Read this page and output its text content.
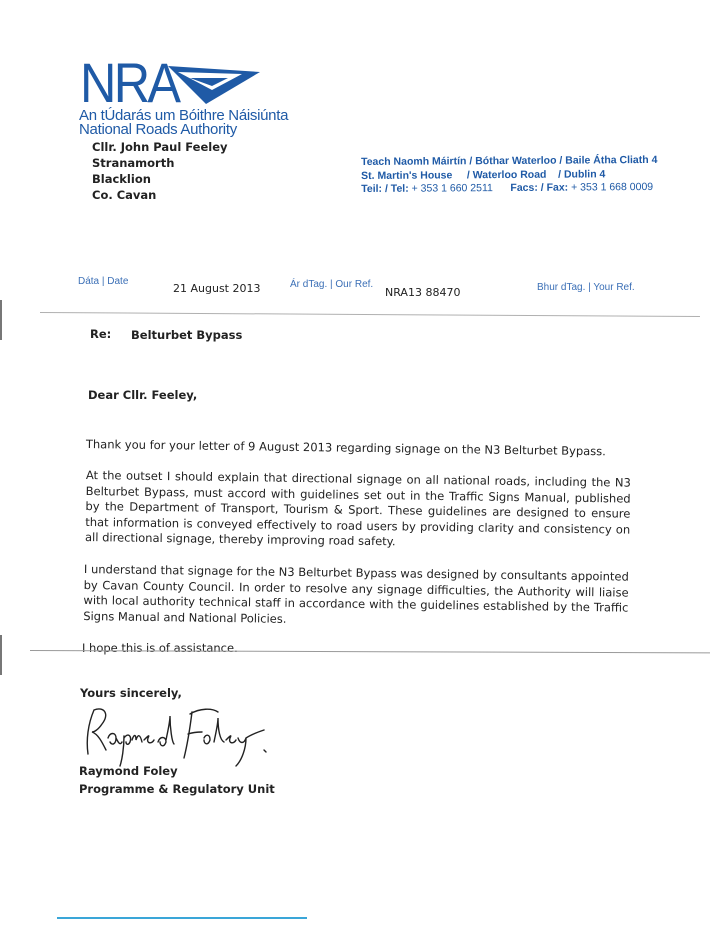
NRA
An tÚdarás um Bóithre Náisiúnta
National Roads Authority
Cllr. John Paul Feeley
Stranamorth
Blacklion
Co. Cavan
Teach Naomh Máirtín / Bóthar Waterloo / Baile Átha Cliath 4
St. Martin's House     / Waterloo Road    / Dublin 4
Teil: / Tel: + 353 1 660 2511 Facs: / Fax: + 353 1 668 0009
Dáta | Date
21 August 2013	Ár dTag. | Our Ref.
NRA13 88470	Bhur dTag. | Your Ref.
Re: Belturbet Bypass
Dear Cllr. Feeley,

Thank you for your letter of 9 August 2013 regarding signage on the N3 Belturbet Bypass.

At the outset I should explain that directional signage on all national roads, including the N3 Belturbet Bypass, must accord with guidelines set out in the Traffic Signs Manual, published by the Department of Transport, Tourism & Sport. These guidelines are designed to ensure that information is conveyed effectively to road users by providing clarity and consistency on all directional signage, thereby improving road safety.

I understand that signage for the N3 Belturbet Bypass was designed by consultants appointed by Cavan County Council. In order to resolve any signage difficulties, the Authority will liaise with local authority technical staff in accordance with the guidelines established by the Traffic Signs Manual and National Policies.

I hope this is of assistance.

Yours sincerely,
Raymond Foley
Programme & Regulatory Unit
